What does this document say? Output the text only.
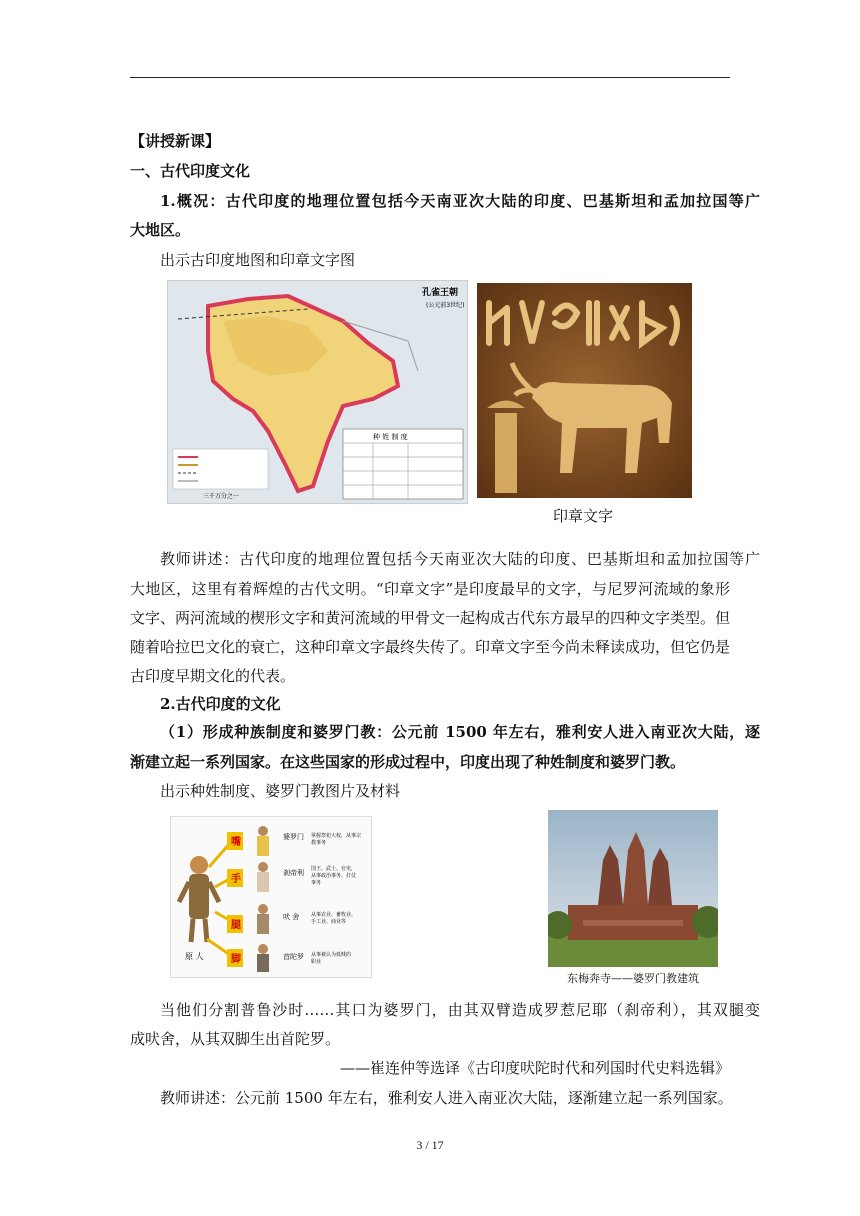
【讲授新课】
一、古代印度文化
1.概况：古代印度的地理位置包括今天南亚次大陆的印度、巴基斯坦和孟加拉国等广
大地区。
出示古印度地图和印章文字图
孔雀王朝
(公元前3世纪)
种 姓 制 度
三千万分之一
印章文字
教师讲述：古代印度的地理位置包括今天南亚次大陆的印度、巴基斯坦和孟加拉国等广
大地区，这里有着辉煌的古代文明。“印章文字”是印度最早的文字，与尼罗河流域的象形
文字、两河流域的楔形文字和黄河流域的甲骨文一起构成古代东方最早的四种文字类型。但
随着哈拉巴文化的衰亡，这种印章文字最终失传了。印章文字至今尚未释读成功，但它仍是
古印度早期文化的代表。
2.古代印度的文化
（1）形成种族制度和婆罗门教：公元前 1500 年左右，雅利安人进入南亚次大陆，逐
渐建立起一系列国家。在这些国家的形成过程中，印度出现了种姓制度和婆罗门教。
出示种姓制度、婆罗门教图片及材料
嘴
手
腿
脚
原 人
婆罗门
刹帝利
吠 舍
首陀罗
掌握祭祀大权，从事宗
教事务
国王、武士、官吏，
从事政治事务、打仗
事务
从事农业、畜牧业、
手工业、商业等
从事被认为低贱的
职业
东梅奔寺——婆罗门教建筑
当他们分割普鲁沙时……其口为婆罗门，由其双臂造成罗惹尼耶（刹帝利），其双腿变
成吠舍，从其双脚生出首陀罗。
——崔连仲等选译《古印度吠陀时代和列国时代史料选辑》
教师讲述：公元前 1500 年左右，雅利安人进入南亚次大陆，逐渐建立起一系列国家。
3 / 17
